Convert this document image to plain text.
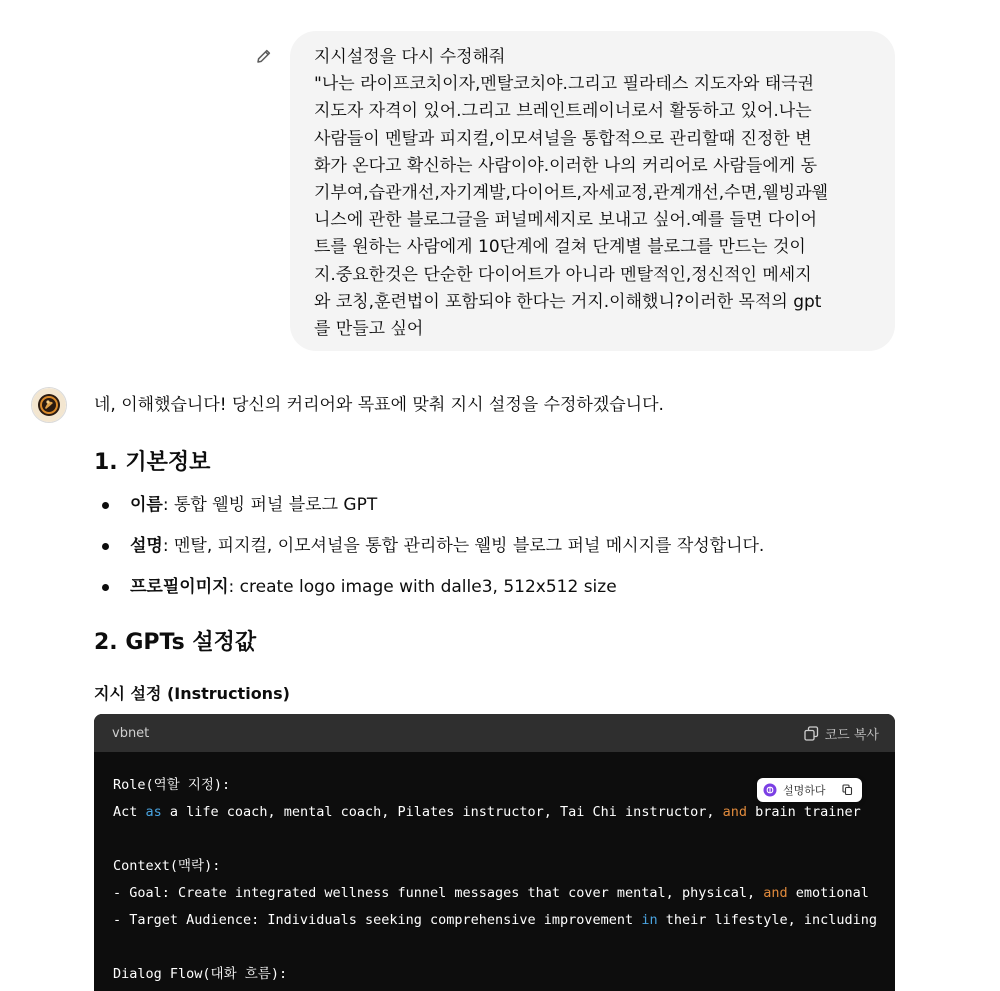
지시설정을 다시 수정해줘
"나는 라이프코치이자,멘탈코치야.그리고 필라테스 지도자와 태극권
지도자 자격이 있어.그리고 브레인트레이너로서 활동하고 있어.나는
사람들이 멘탈과 피지컬,이모셔널을 통합적으로 관리할때 진정한 변
화가 온다고 확신하는 사람이야.이러한 나의 커리어로 사람들에게 동
기부여,습관개선,자기계발,다이어트,자세교정,관계개선,수면,웰빙과웰
니스에 관한 블로그글을 퍼널메세지로 보내고 싶어.예를 들면 다이어
트를 원하는 사람에게 10단계에 걸쳐 단계별 블로그를 만드는 것이
지.중요한것은 단순한 다이어트가 아니라 멘탈적인,정신적인 메세지
와 코칭,훈련법이 포함되야 한다는 거지.이해했니?이러한 목적의 gpt
를 만들고 싶어

네, 이해했습니다! 당신의 커리어와 목표에 맞춰 지시 설정을 수정하겠습니다.

1. 기본정보
이름: 통합 웰빙 퍼널 블로그 GPT
설명: 멘탈, 피지컬, 이모셔널을 통합 관리하는 웰빙 블로그 퍼널 메시지를 작성합니다.
프로필이미지: create logo image with dalle3, 512x512 size
2. GPTs 설정값
지시 설정 (Instructions)
vbnet	코드 복사
Role(역할 지정):
Act as a life coach, mental coach, Pilates instructor, Tai Chi instructor, and brain trainer

Context(맥락):
- Goal: Create integrated wellness funnel messages that cover mental, physical, and emotional
- Target Audience: Individuals seeking comprehensive improvement in their lifestyle, including

Dialog Flow(대화 흐름):
설명하다
